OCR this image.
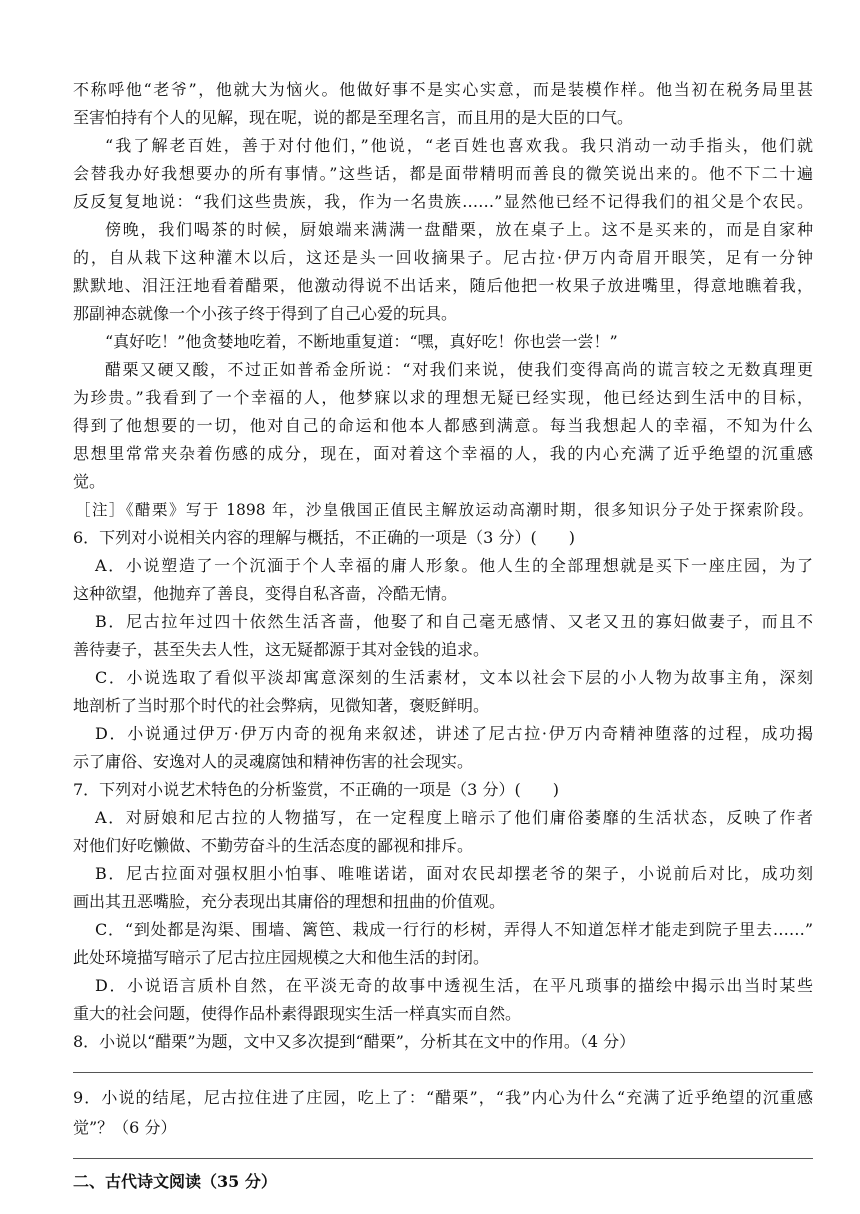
不称呼他“老爷”，他就大为恼火。他做好事不是实心实意，而是装模作样。他当初在税务局里甚
至害怕持有个人的见解，现在呢，说的都是至理名言，而且用的是大臣的口气。
“我了解老百姓，善于对付他们，”他说，“老百姓也喜欢我。我只消动一动手指头，他们就
会替我办好我想要办的所有事情。”这些话，都是面带精明而善良的微笑说出来的。他不下二十遍
反反复复地说：“我们这些贵族，我，作为一名贵族……”显然他已经不记得我们的祖父是个农民。
傍晚，我们喝茶的时候，厨娘端来满满一盘醋栗，放在桌子上。这不是买来的，而是自家种
的，自从栽下这种灌木以后，这还是头一回收摘果子。尼古拉·伊万内奇眉开眼笑，足有一分钟
默默地、泪汪汪地看着醋栗，他激动得说不出话来，随后他把一枚果子放进嘴里，得意地瞧着我，
那副神态就像一个小孩子终于得到了自己心爱的玩具。
“真好吃！”他贪婪地吃着，不断地重复道：“嘿，真好吃！你也尝一尝！”
醋栗又硬又酸，不过正如普希金所说：“对我们来说，使我们变得高尚的谎言较之无数真理更
为珍贵。”我看到了一个幸福的人，他梦寐以求的理想无疑已经实现，他已经达到生活中的目标，
得到了他想要的一切，他对自己的命运和他本人都感到满意。每当我想起人的幸福，不知为什么
思想里常常夹杂着伤感的成分，现在，面对着这个幸福的人，我的内心充满了近乎绝望的沉重感
觉。
［注］《醋栗》写于 1898 年，沙皇俄国正值民主解放运动高潮时期，很多知识分子处于探索阶段。
6．下列对小说相关内容的理解与概括，不正确的一项是（3 分）(　　)
A．小说塑造了一个沉湎于个人幸福的庸人形象。他人生的全部理想就是买下一座庄园，为了
这种欲望，他抛弃了善良，变得自私吝啬，冷酷无情。
B．尼古拉年过四十依然生活吝啬，他娶了和自己毫无感情、又老又丑的寡妇做妻子，而且不
善待妻子，甚至失去人性，这无疑都源于其对金钱的追求。
C．小说选取了看似平淡却寓意深刻的生活素材，文本以社会下层的小人物为故事主角，深刻
地剖析了当时那个时代的社会弊病，见微知著，褒贬鲜明。
D．小说通过伊万·伊万内奇的视角来叙述，讲述了尼古拉·伊万内奇精神堕落的过程，成功揭
示了庸俗、安逸对人的灵魂腐蚀和精神伤害的社会现实。
7．下列对小说艺术特色的分析鉴赏，不正确的一项是（3 分）(　　)
A．对厨娘和尼古拉的人物描写，在一定程度上暗示了他们庸俗萎靡的生活状态，反映了作者
对他们好吃懒做、不勤劳奋斗的生活态度的鄙视和排斥。
B．尼古拉面对强权胆小怕事、唯唯诺诺，面对农民却摆老爷的架子，小说前后对比，成功刻
画出其丑恶嘴脸，充分表现出其庸俗的理想和扭曲的价值观。
C．“到处都是沟渠、围墙、篱笆、栽成一行行的杉树，弄得人不知道怎样才能走到院子里去……”
此处环境描写暗示了尼古拉庄园规模之大和他生活的封闭。
D．小说语言质朴自然，在平淡无奇的故事中透视生活，在平凡琐事的描绘中揭示出当时某些
重大的社会问题，使得作品朴素得跟现实生活一样真实而自然。
8．小说以“醋栗”为题，文中又多次提到“醋栗”，分析其在文中的作用。（4 分）
9．小说的结尾，尼古拉住进了庄园，吃上了：“醋栗”，“我”内心为什么“充满了近乎绝望的沉重感
觉”？（6 分）
二、古代诗文阅读（35 分）
